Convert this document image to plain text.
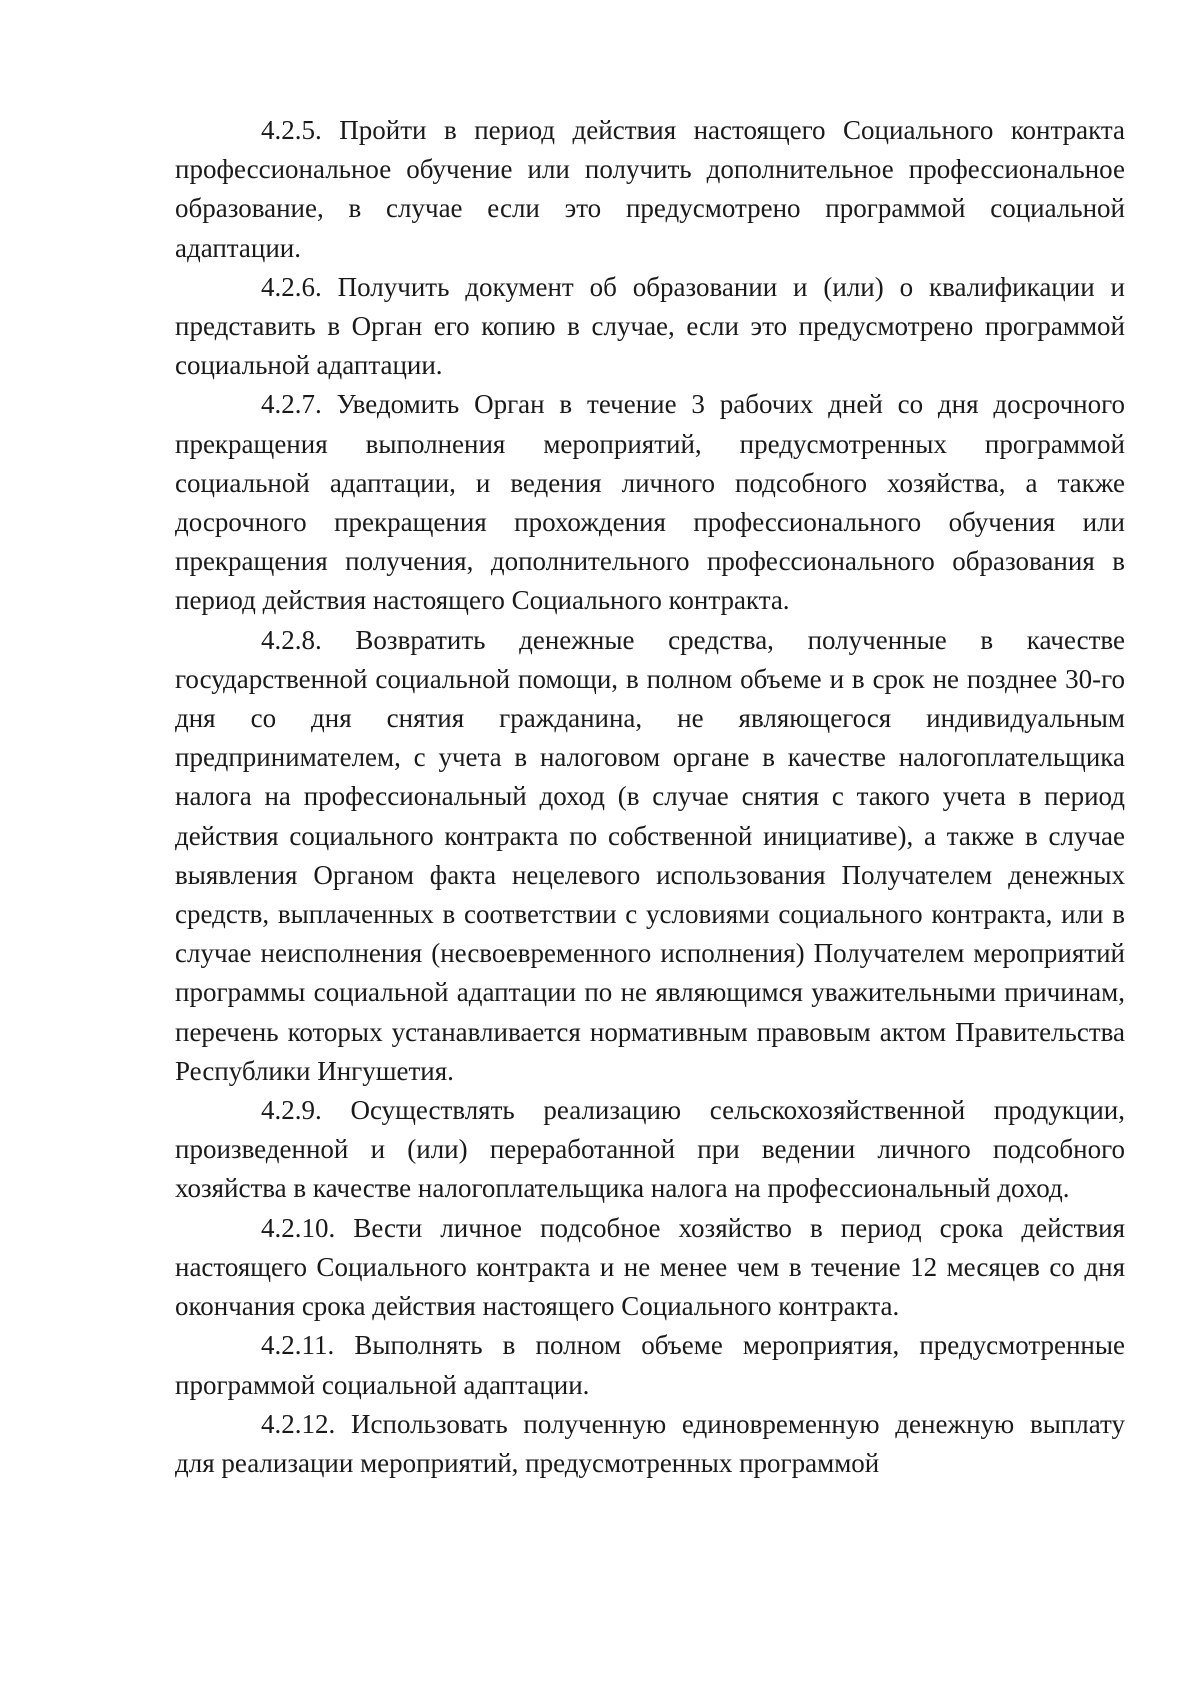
4.2.5. Пройти в период действия настоящего Социального контракта профессиональное обучение или получить дополнительное профессиональное образование, в случае если это предусмотрено программой социальной адаптации.

4.2.6. Получить документ об образовании и (или) о квалификации и представить в Орган его копию в случае, если это предусмотрено программой социальной адаптации.

4.2.7. Уведомить Орган в течение 3 рабочих дней со дня досрочного прекращения выполнения мероприятий, предусмотренных программой социальной адаптации, и ведения личного подсобного хозяйства, а также досрочного прекращения прохождения профессионального обучения или прекращения получения, дополнительного профессионального образования в период действия настоящего Социального контракта.

4.2.8. Возвратить денежные средства, полученные в качестве государственной социальной помощи, в полном объеме и в срок не позднее 30-го дня со дня снятия гражданина, не являющегося индивидуальным предпринимателем, с учета в налоговом органе в качестве налогоплательщика налога на профессиональный доход (в случае снятия с такого учета в период действия социального контракта по собственной инициативе), а также в случае выявления Органом факта нецелевого использования Получателем денежных средств, выплаченных в соответствии с условиями социального контракта, или в случае неисполнения (несвоевременного исполнения) Получателем мероприятий программы социальной адаптации по не являющимся уважительными причинам, перечень которых устанавливается нормативным правовым актом Правительства Республики Ингушетия.

4.2.9. Осуществлять реализацию сельскохозяйственной продукции, произведенной и (или) переработанной при ведении личного подсобного хозяйства в качестве налогоплательщика налога на профессиональный доход.

4.2.10. Вести личное подсобное хозяйство в период срока действия настоящего Социального контракта и не менее чем в течение 12 месяцев со дня окончания срока действия настоящего Социального контракта.

4.2.11. Выполнять в полном объеме мероприятия, предусмотренные программой социальной адаптации.

4.2.12. Использовать полученную единовременную денежную выплату для реализации мероприятий, предусмотренных программой
